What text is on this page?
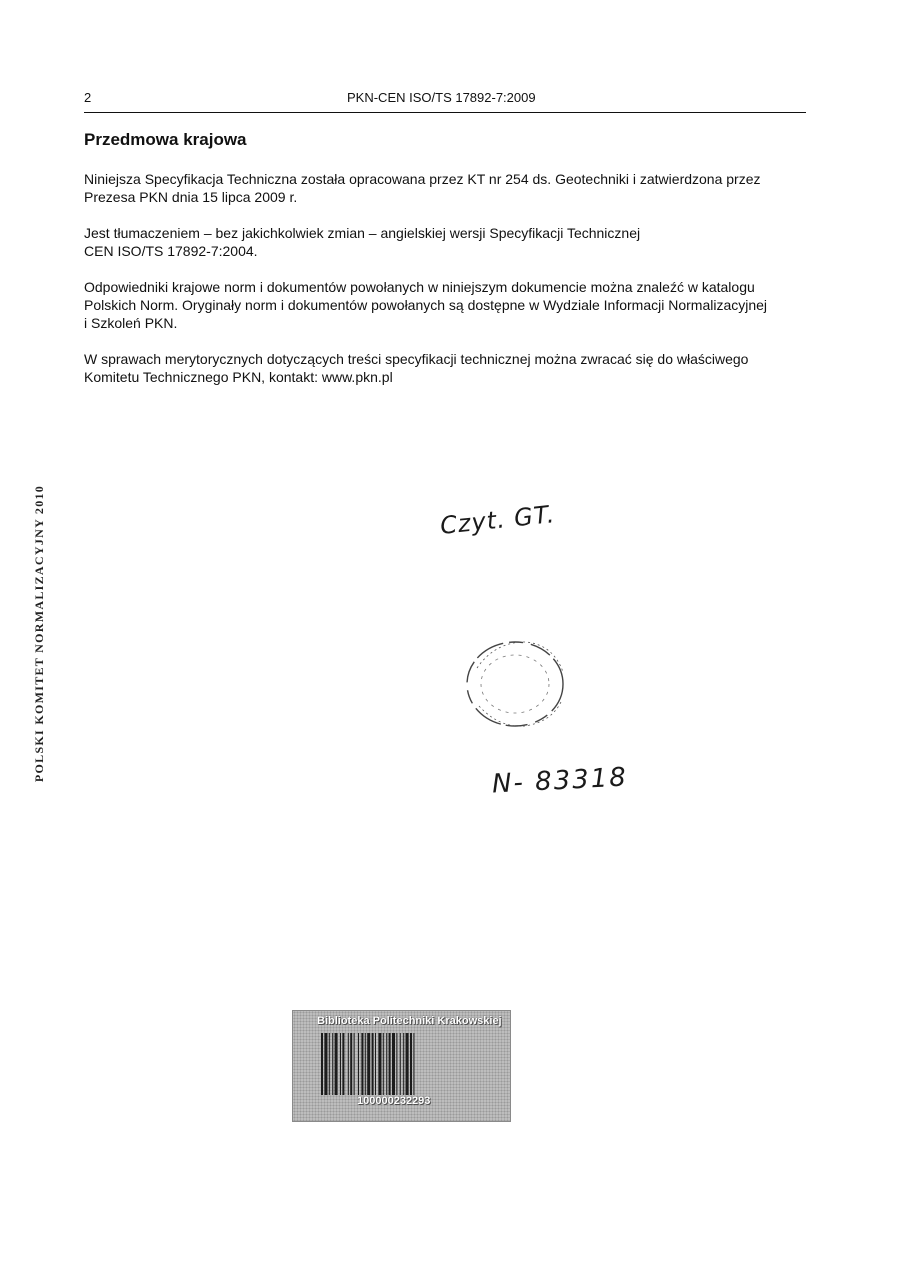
2	PKN-CEN ISO/TS 17892-7:2009
Przedmowa krajowa

Niniejsza Specyfikacja Techniczna została opracowana przez KT nr 254 ds. Geotechniki i zatwierdzona przez
Prezesa PKN dnia 15 lipca 2009 r.

Jest tłumaczeniem – bez jakichkolwiek zmian – angielskiej wersji Specyfikacji Technicznej
CEN ISO/TS 17892-7:2004.

Odpowiedniki krajowe norm i dokumentów powołanych w niniejszym dokumencie można znaleźć w katalogu
Polskich Norm. Oryginały norm i dokumentów powołanych są dostępne w Wydziale Informacji Normalizacyjnej
i Szkoleń PKN.

W sprawach merytorycznych dotyczących treści specyfikacji technicznej można zwracać się do właściwego
Komitetu Technicznego PKN, kontakt: www.pkn.pl

POLSKI KOMITET NORMALIZACYJNY 2010	Czyt. GT.
N- 83318
Biblioteka Politechniki Krakowskiej
100000232293
